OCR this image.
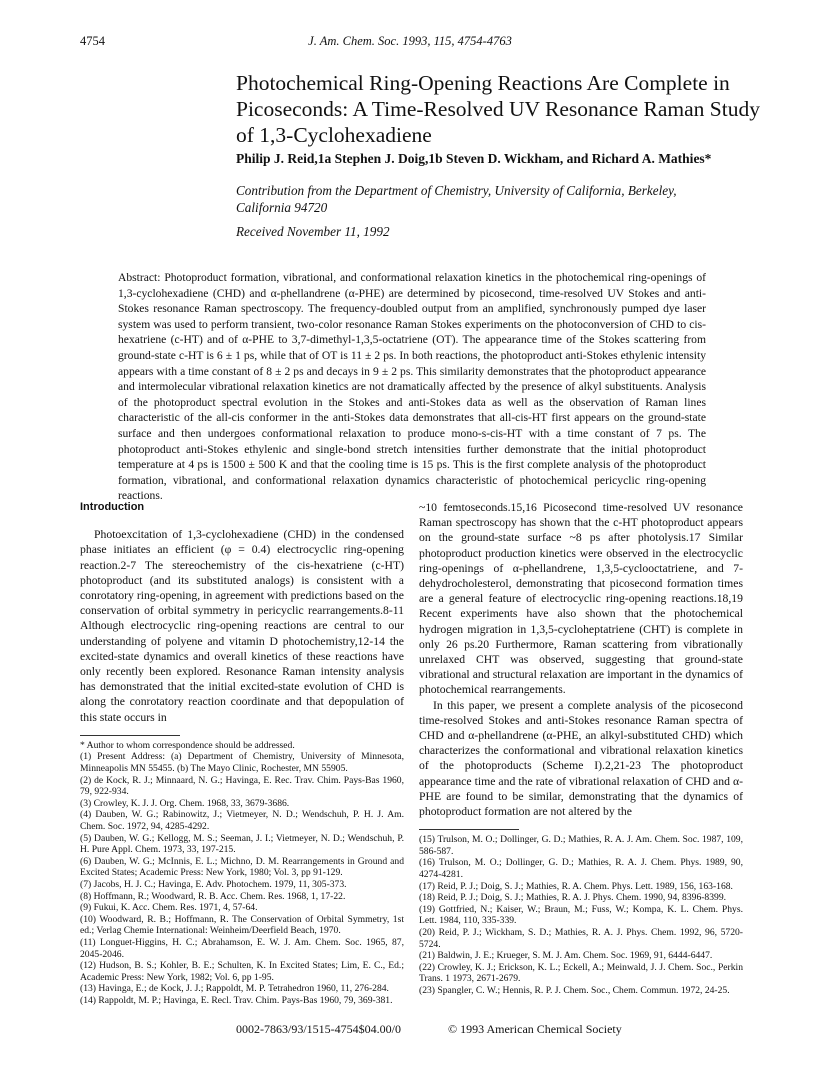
4754	J. Am. Chem. Soc. 1993, 115, 4754-4763
Photochemical Ring-Opening Reactions Are Complete in Picoseconds: A Time-Resolved UV Resonance Raman Study of 1,3-Cyclohexadiene
Philip J. Reid,1a Stephen J. Doig,1b Steven D. Wickham, and Richard A. Mathies*
Contribution from the Department of Chemistry, University of California, Berkeley, California 94720
Received November 11, 1992
Abstract: Photoproduct formation, vibrational, and conformational relaxation kinetics in the photochemical ring-openings of 1,3-cyclohexadiene (CHD) and α-phellandrene (α-PHE) are determined by picosecond, time-resolved UV Stokes and anti-Stokes resonance Raman spectroscopy. The frequency-doubled output from an amplified, synchronously pumped dye laser system was used to perform transient, two-color resonance Raman Stokes experiments on the photoconversion of CHD to cis-hexatriene (c-HT) and of α-PHE to 3,7-dimethyl-1,3,5-octatriene (OT). The appearance time of the Stokes scattering from ground-state c-HT is 6 ± 1 ps, while that of OT is 11 ± 2 ps. In both reactions, the photoproduct anti-Stokes ethylenic intensity appears with a time constant of 8 ± 2 ps and decays in 9 ± 2 ps. This similarity demonstrates that the photoproduct appearance and intermolecular vibrational relaxation kinetics are not dramatically affected by the presence of alkyl substituents. Analysis of the photoproduct spectral evolution in the Stokes and anti-Stokes data as well as the observation of Raman lines characteristic of the all-cis conformer in the anti-Stokes data demonstrates that all-cis-HT first appears on the ground-state surface and then undergoes conformational relaxation to produce mono-s-cis-HT with a time constant of 7 ps. The photoproduct anti-Stokes ethylenic and single-bond stretch intensities further demonstrate that the initial photoproduct temperature at 4 ps is 1500 ± 500 K and that the cooling time is 15 ps. This is the first complete analysis of the photoproduct formation, vibrational, and conformational relaxation dynamics characteristic of photochemical pericyclic ring-opening reactions.
Introduction

Photoexcitation of 1,3-cyclohexadiene (CHD) in the condensed phase initiates an efficient (φ = 0.4) electrocyclic ring-opening reaction.2-7 The stereochemistry of the cis-hexatriene (c-HT) photoproduct (and its substituted analogs) is consistent with a conrotatory ring-opening, in agreement with predictions based on the conservation of orbital symmetry in pericyclic rearrangements.8-11 Although electrocyclic ring-opening reactions are central to our understanding of polyene and vitamin D photochemistry,12-14 the excited-state dynamics and overall kinetics of these reactions have only recently been explored. Resonance Raman intensity analysis has demonstrated that the initial excited-state evolution of CHD is along the conrotatory reaction coordinate and that depopulation of this state occurs in

* Author to whom correspondence should be addressed.
(1) Present Address: (a) Department of Chemistry, University of Minnesota, Minneapolis MN 55455. (b) The Mayo Clinic, Rochester, MN 55905.
(2) de Kock, R. J.; Minnaard, N. G.; Havinga, E. Rec. Trav. Chim. Pays-Bas 1960, 79, 922-934.
(3) Crowley, K. J. J. Org. Chem. 1968, 33, 3679-3686.
(4) Dauben, W. G.; Rabinowitz, J.; Vietmeyer, N. D.; Wendschuh, P. H. J. Am. Chem. Soc. 1972, 94, 4285-4292.
(5) Dauben, W. G.; Kellogg, M. S.; Seeman, J. I.; Vietmeyer, N. D.; Wendschuh, P. H. Pure Appl. Chem. 1973, 33, 197-215.
(6) Dauben, W. G.; McInnis, E. L.; Michno, D. M. Rearrangements in Ground and Excited States; Academic Press: New York, 1980; Vol. 3, pp 91-129.
(7) Jacobs, H. J. C.; Havinga, E. Adv. Photochem. 1979, 11, 305-373.
(8) Hoffmann, R.; Woodward, R. B. Acc. Chem. Res. 1968, 1, 17-22.
(9) Fukui, K. Acc. Chem. Res. 1971, 4, 57-64.
(10) Woodward, R. B.; Hoffmann, R. The Conservation of Orbital Symmetry, 1st ed.; Verlag Chemie International: Weinheim/Deerfield Beach, 1970.
(11) Longuet-Higgins, H. C.; Abrahamson, E. W. J. Am. Chem. Soc. 1965, 87, 2045-2046.
(12) Hudson, B. S.; Kohler, B. E.; Schulten, K. In Excited States; Lim, E. C., Ed.; Academic Press: New York, 1982; Vol. 6, pp 1-95.
(13) Havinga, E.; de Kock, J. J.; Rappoldt, M. P. Tetrahedron 1960, 11, 276-284.
(14) Rappoldt, M. P.; Havinga, E. Recl. Trav. Chim. Pays-Bas 1960, 79, 369-381.

~10 femtoseconds.15,16 Picosecond time-resolved UV resonance Raman spectroscopy has shown that the c-HT photoproduct appears on the ground-state surface ~8 ps after photolysis.17 Similar photoproduct production kinetics were observed in the electrocyclic ring-openings of α-phellandrene, 1,3,5-cyclooctatriene, and 7-dehydrocholesterol, demonstrating that picosecond formation times are a general feature of electrocyclic ring-opening reactions.18,19 Recent experiments have also shown that the photochemical hydrogen migration in 1,3,5-cycloheptatriene (CHT) is complete in only 26 ps.20 Furthermore, Raman scattering from vibrationally unrelaxed CHT was observed, suggesting that ground-state vibrational and structural relaxation are important in the dynamics of photochemical rearrangements.

In this paper, we present a complete analysis of the picosecond time-resolved Stokes and anti-Stokes resonance Raman spectra of CHD and α-phellandrene (α-PHE, an alkyl-substituted CHD) which characterizes the conformational and vibrational relaxation kinetics of the photoproducts (Scheme I).2,21-23 The photoproduct appearance time and the rate of vibrational relaxation of CHD and α-PHE are found to be similar, demonstrating that the dynamics of photoproduct formation are not altered by the

(15) Trulson, M. O.; Dollinger, G. D.; Mathies, R. A. J. Am. Chem. Soc. 1987, 109, 586-587.
(16) Trulson, M. O.; Dollinger, G. D.; Mathies, R. A. J. Chem. Phys. 1989, 90, 4274-4281.
(17) Reid, P. J.; Doig, S. J.; Mathies, R. A. Chem. Phys. Lett. 1989, 156, 163-168.
(18) Reid, P. J.; Doig, S. J.; Mathies, R. A. J. Phys. Chem. 1990, 94, 8396-8399.
(19) Gottfried, N.; Kaiser, W.; Braun, M.; Fuss, W.; Kompa, K. L. Chem. Phys. Lett. 1984, 110, 335-339.
(20) Reid, P. J.; Wickham, S. D.; Mathies, R. A. J. Phys. Chem. 1992, 96, 5720-5724.
(21) Baldwin, J. E.; Krueger, S. M. J. Am. Chem. Soc. 1969, 91, 6444-6447.
(22) Crowley, K. J.; Erickson, K. L.; Eckell, A.; Meinwald, J. J. Chem. Soc., Perkin Trans. 1 1973, 2671-2679.
(23) Spangler, C. W.; Hennis, R. P. J. Chem. Soc., Chem. Commun. 1972, 24-25.
0002-7863/93/1515-4754$04.00/0	© 1993 American Chemical Society
